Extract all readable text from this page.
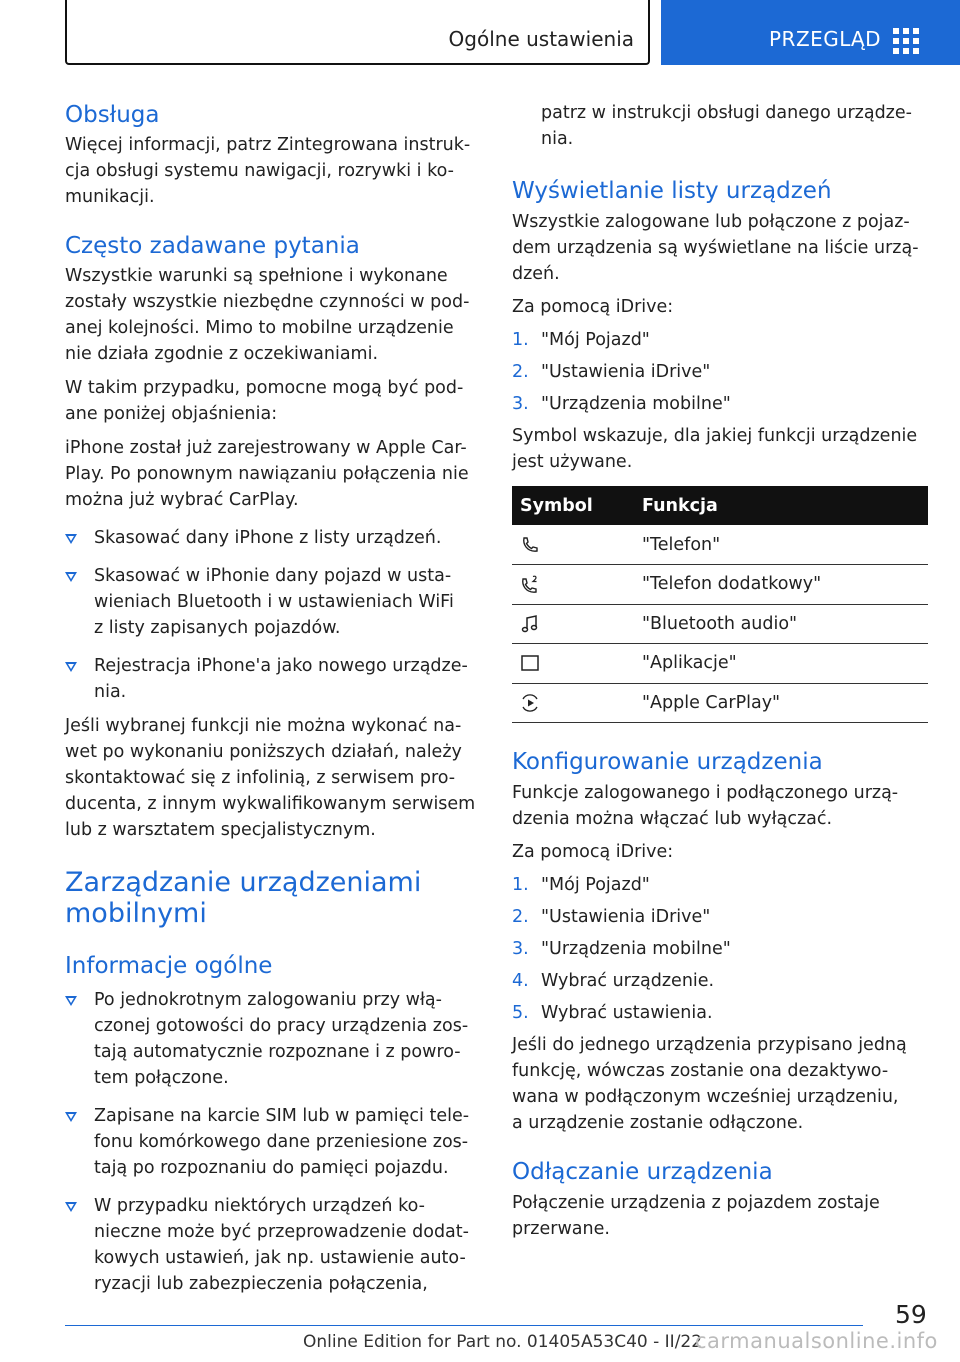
Ogólne ustawienia	PRZEGLĄD
Obsługa

Więcej informacji, patrz Zintegrowana instruk-
cja obsługi systemu nawigacji, rozrywki i ko-
munikacji.

Często zadawane pytania

Wszystkie warunki są spełnione i wykonane
zostały wszystkie niezbędne czynności w pod-
anej kolejności. Mimo to mobilne urządzenie
nie działa zgodnie z oczekiwaniami.

W takim przypadku, pomocne mogą być pod-
ane poniżej objaśnienia:

iPhone został już zarejestrowany w Apple Car-
Play. Po ponownym nawiązaniu połączenia nie
można już wybrać CarPlay.

Skasować dany iPhone z listy urządzeń.
Skasować w iPhonie dany pojazd w usta-
wieniach Bluetooth i w ustawieniach WiFi
z listy zapisanych pojazdów.
Rejestracja iPhone'a jako nowego urządze-
nia.

Jeśli wybranej funkcji nie można wykonać na-
wet po wykonaniu poniższych działań, należy
skontaktować się z infolinią, z serwisem pro-
ducenta, z innym wykwalifikowanym serwisem
lub z warsztatem specjalistycznym.

Zarządzanie urządzeniami
mobilnymi
Informacje ogólne
Po jednokrotnym zalogowaniu przy włą-
czonej gotowości do pracy urządzenia zos-
tają automatycznie rozpoznane i z powro-
tem połączone.
Zapisane na karcie SIM lub w pamięci tele-
fonu komórkowego dane przeniesione zos-
tają po rozpoznaniu do pamięci pojazdu.
W przypadku niektórych urządzeń ko-
nieczne może być przeprowadzenie dodat-
kowych ustawień, jak np. ustawienie auto-
ryzacji lub zabezpieczenia połączenia,

patrz w instrukcji obsługi danego urządze-
nia.

Wyświetlanie listy urządzeń

Wszystkie zalogowane lub połączone z pojaz-
dem urządzenia są wyświetlane na liście urzą-
dzeń.

Za pomocą iDrive:

1. "Mój Pojazd"
2. "Ustawienia iDrive"
3. "Urządzenia mobilne"

Symbol wskazuje, dla jakiej funkcji urządzenie
jest używane.

Symbol	Funkcja
	"Telefon"
	"Telefon dodatkowy"
	"Bluetooth audio"
	"Aplikacje"
	"Apple CarPlay"
Konfigurowanie urządzenia

Funkcje zalogowanego i podłączonego urzą-
dzenia można włączać lub wyłączać.

Za pomocą iDrive:

1. "Mój Pojazd"
2. "Ustawienia iDrive"
3. "Urządzenia mobilne"
4. Wybrać urządzenie.
5. Wybrać ustawienia.

Jeśli do jednego urządzenia przypisano jedną
funkcję, wówczas zostanie ona dezaktywo-
wana w podłączonym wcześniej urządzeniu,
a urządzenie zostanie odłączone.

Odłączanie urządzenia

Połączenie urządzenia z pojazdem zostaje
przerwane.

59
Online Edition for Part no. 01405A53C40 - II/22
carmanualsonline.info
